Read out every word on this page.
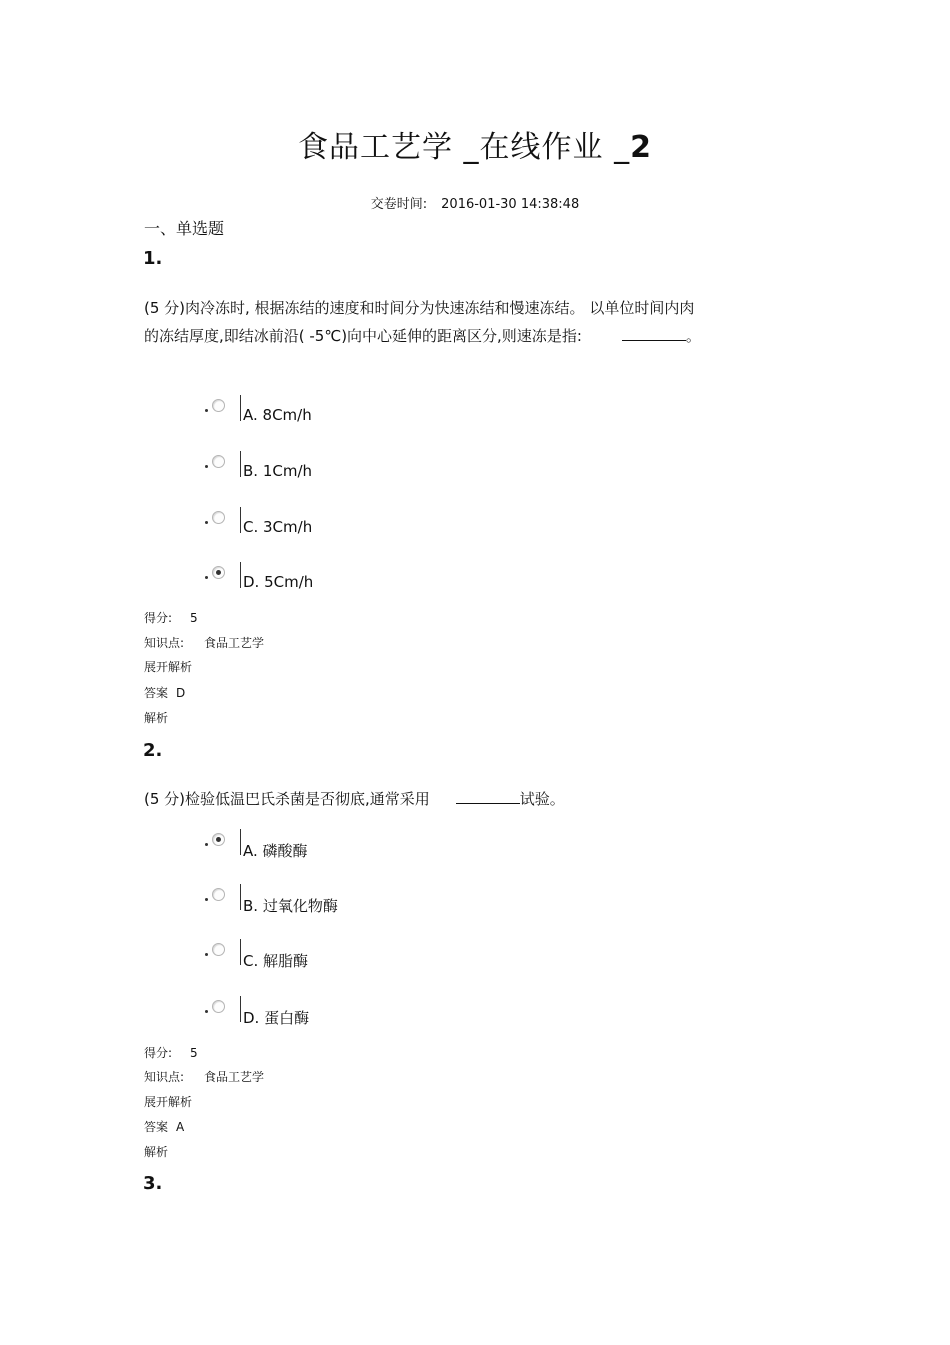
食品工艺学 _在线作业 _2
交卷时间: 2016-01-30 14:38:48
一、单选题
1.
(5 分)肉冷冻时, 根据冻结的速度和时间分为快速冻结和慢速冻结。 以单位时间内肉
的冻结厚度,即结冰前沿( -5℃)向中心延伸的距离区分,则速冻是指:	。
A. 8Cm/h
B. 1Cm/h
C. 3Cm/h
D. 5Cm/h
得分: 5
知识点: 食品工艺学
展开解析
答案 D
解析
2.
(5 分)检验低温巴氏杀菌是否彻底,通常采用	试验。
A. 磷酸酶
B. 过氧化物酶
C. 解脂酶
D. 蛋白酶
得分: 5
知识点: 食品工艺学
展开解析
答案 A
解析
3.
